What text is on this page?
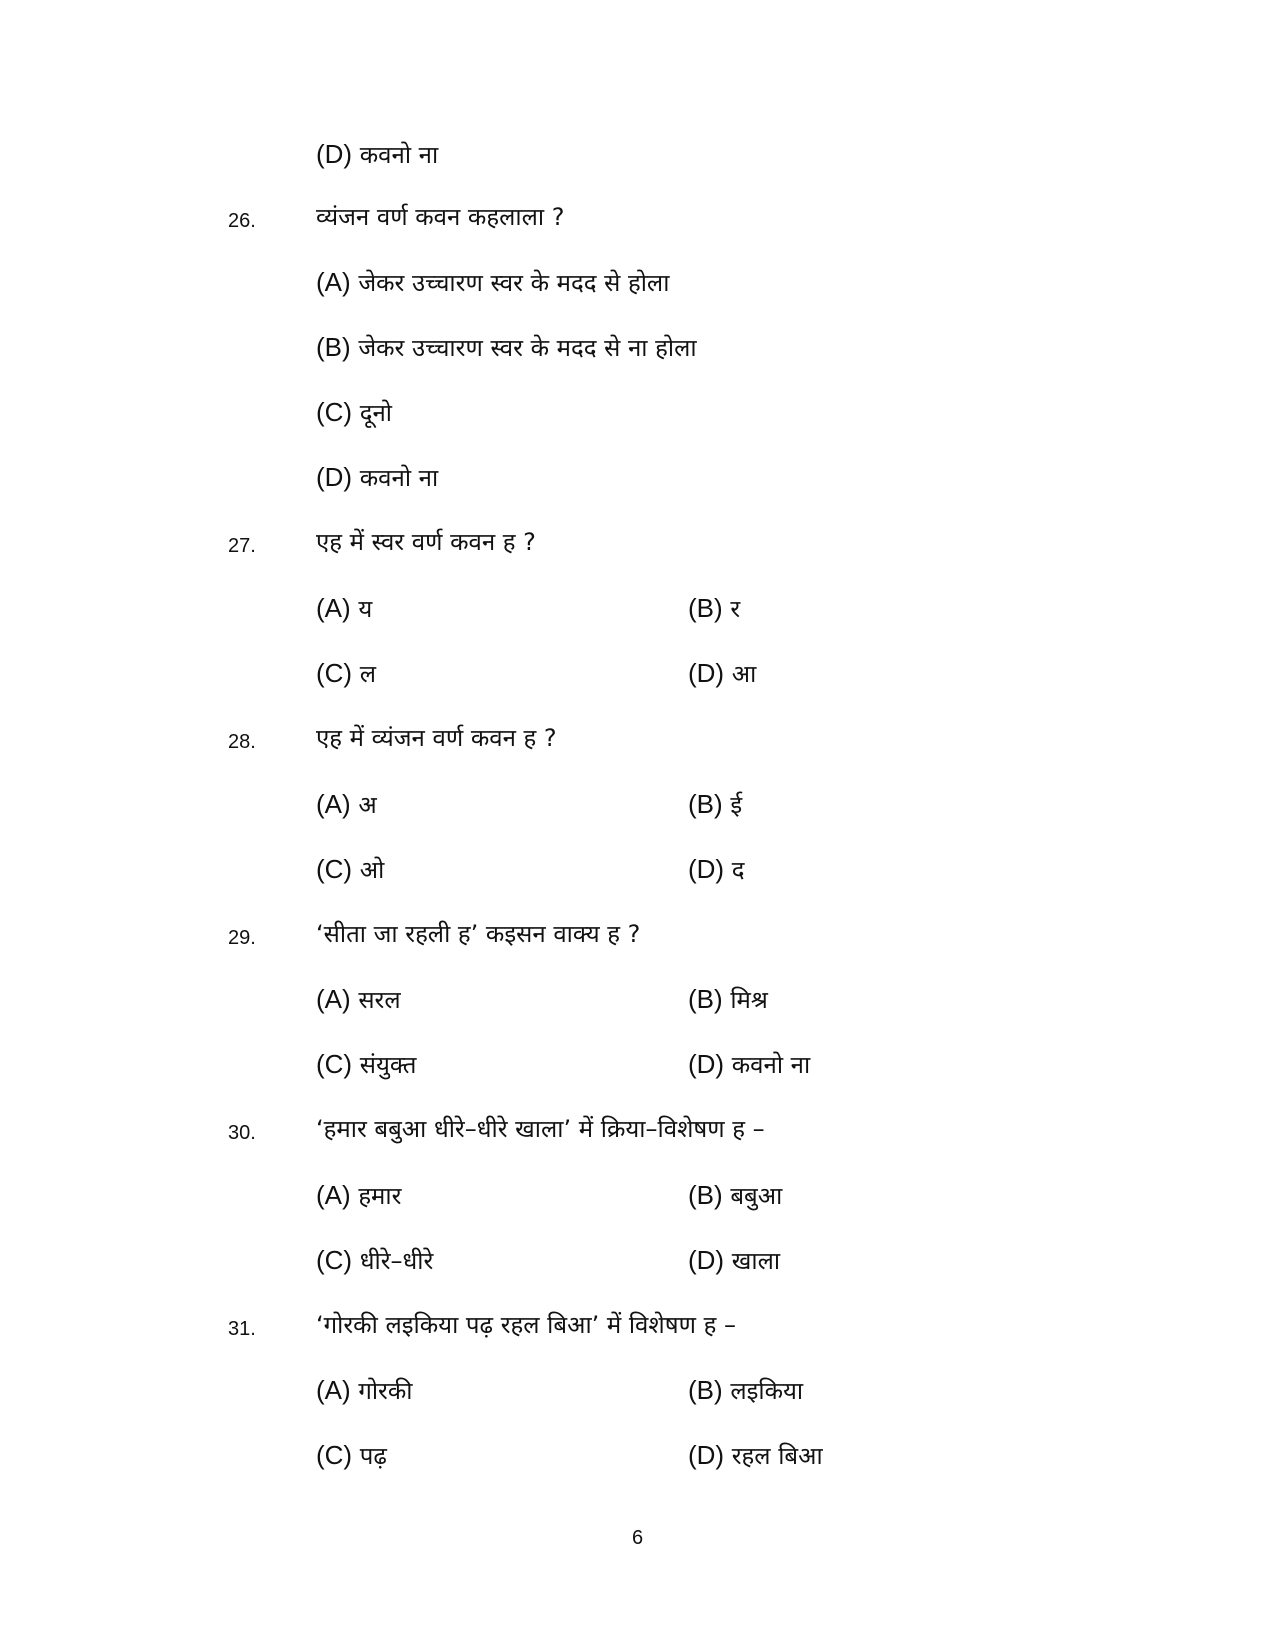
(D) कवनो ना
26.	व्यंजन वर्ण कवन कहलाला ?
(A) जेकर उच्चारण स्वर के मदद से होला
(B) जेकर उच्चारण स्वर के मदद से ना होला
(C) दूनो
(D) कवनो ना
27.	एह में स्वर वर्ण कवन ह ?
(A) य	(B) र
(C) ल	(D) आ
28.	एह में व्यंजन वर्ण कवन ह ?
(A) अ	(B) ई
(C) ओ	(D) द
29.	‘सीता जा रहली ह’ कइसन वाक्य ह ?
(A) सरल	(B) मिश्र
(C) संयुक्त	(D) कवनो ना
30.	‘हमार बबुआ धीरे–धीरे खाला’ में क्रिया–विशेषण ह –
(A) हमार	(B) बबुआ
(C) धीरे–धीरे	(D) खाला
31.	‘गोरकी लइकिया पढ़ रहल बिआ’ में विशेषण ह –
(A) गोरकी	(B) लइकिया
(C) पढ़	(D) रहल बिआ
6
